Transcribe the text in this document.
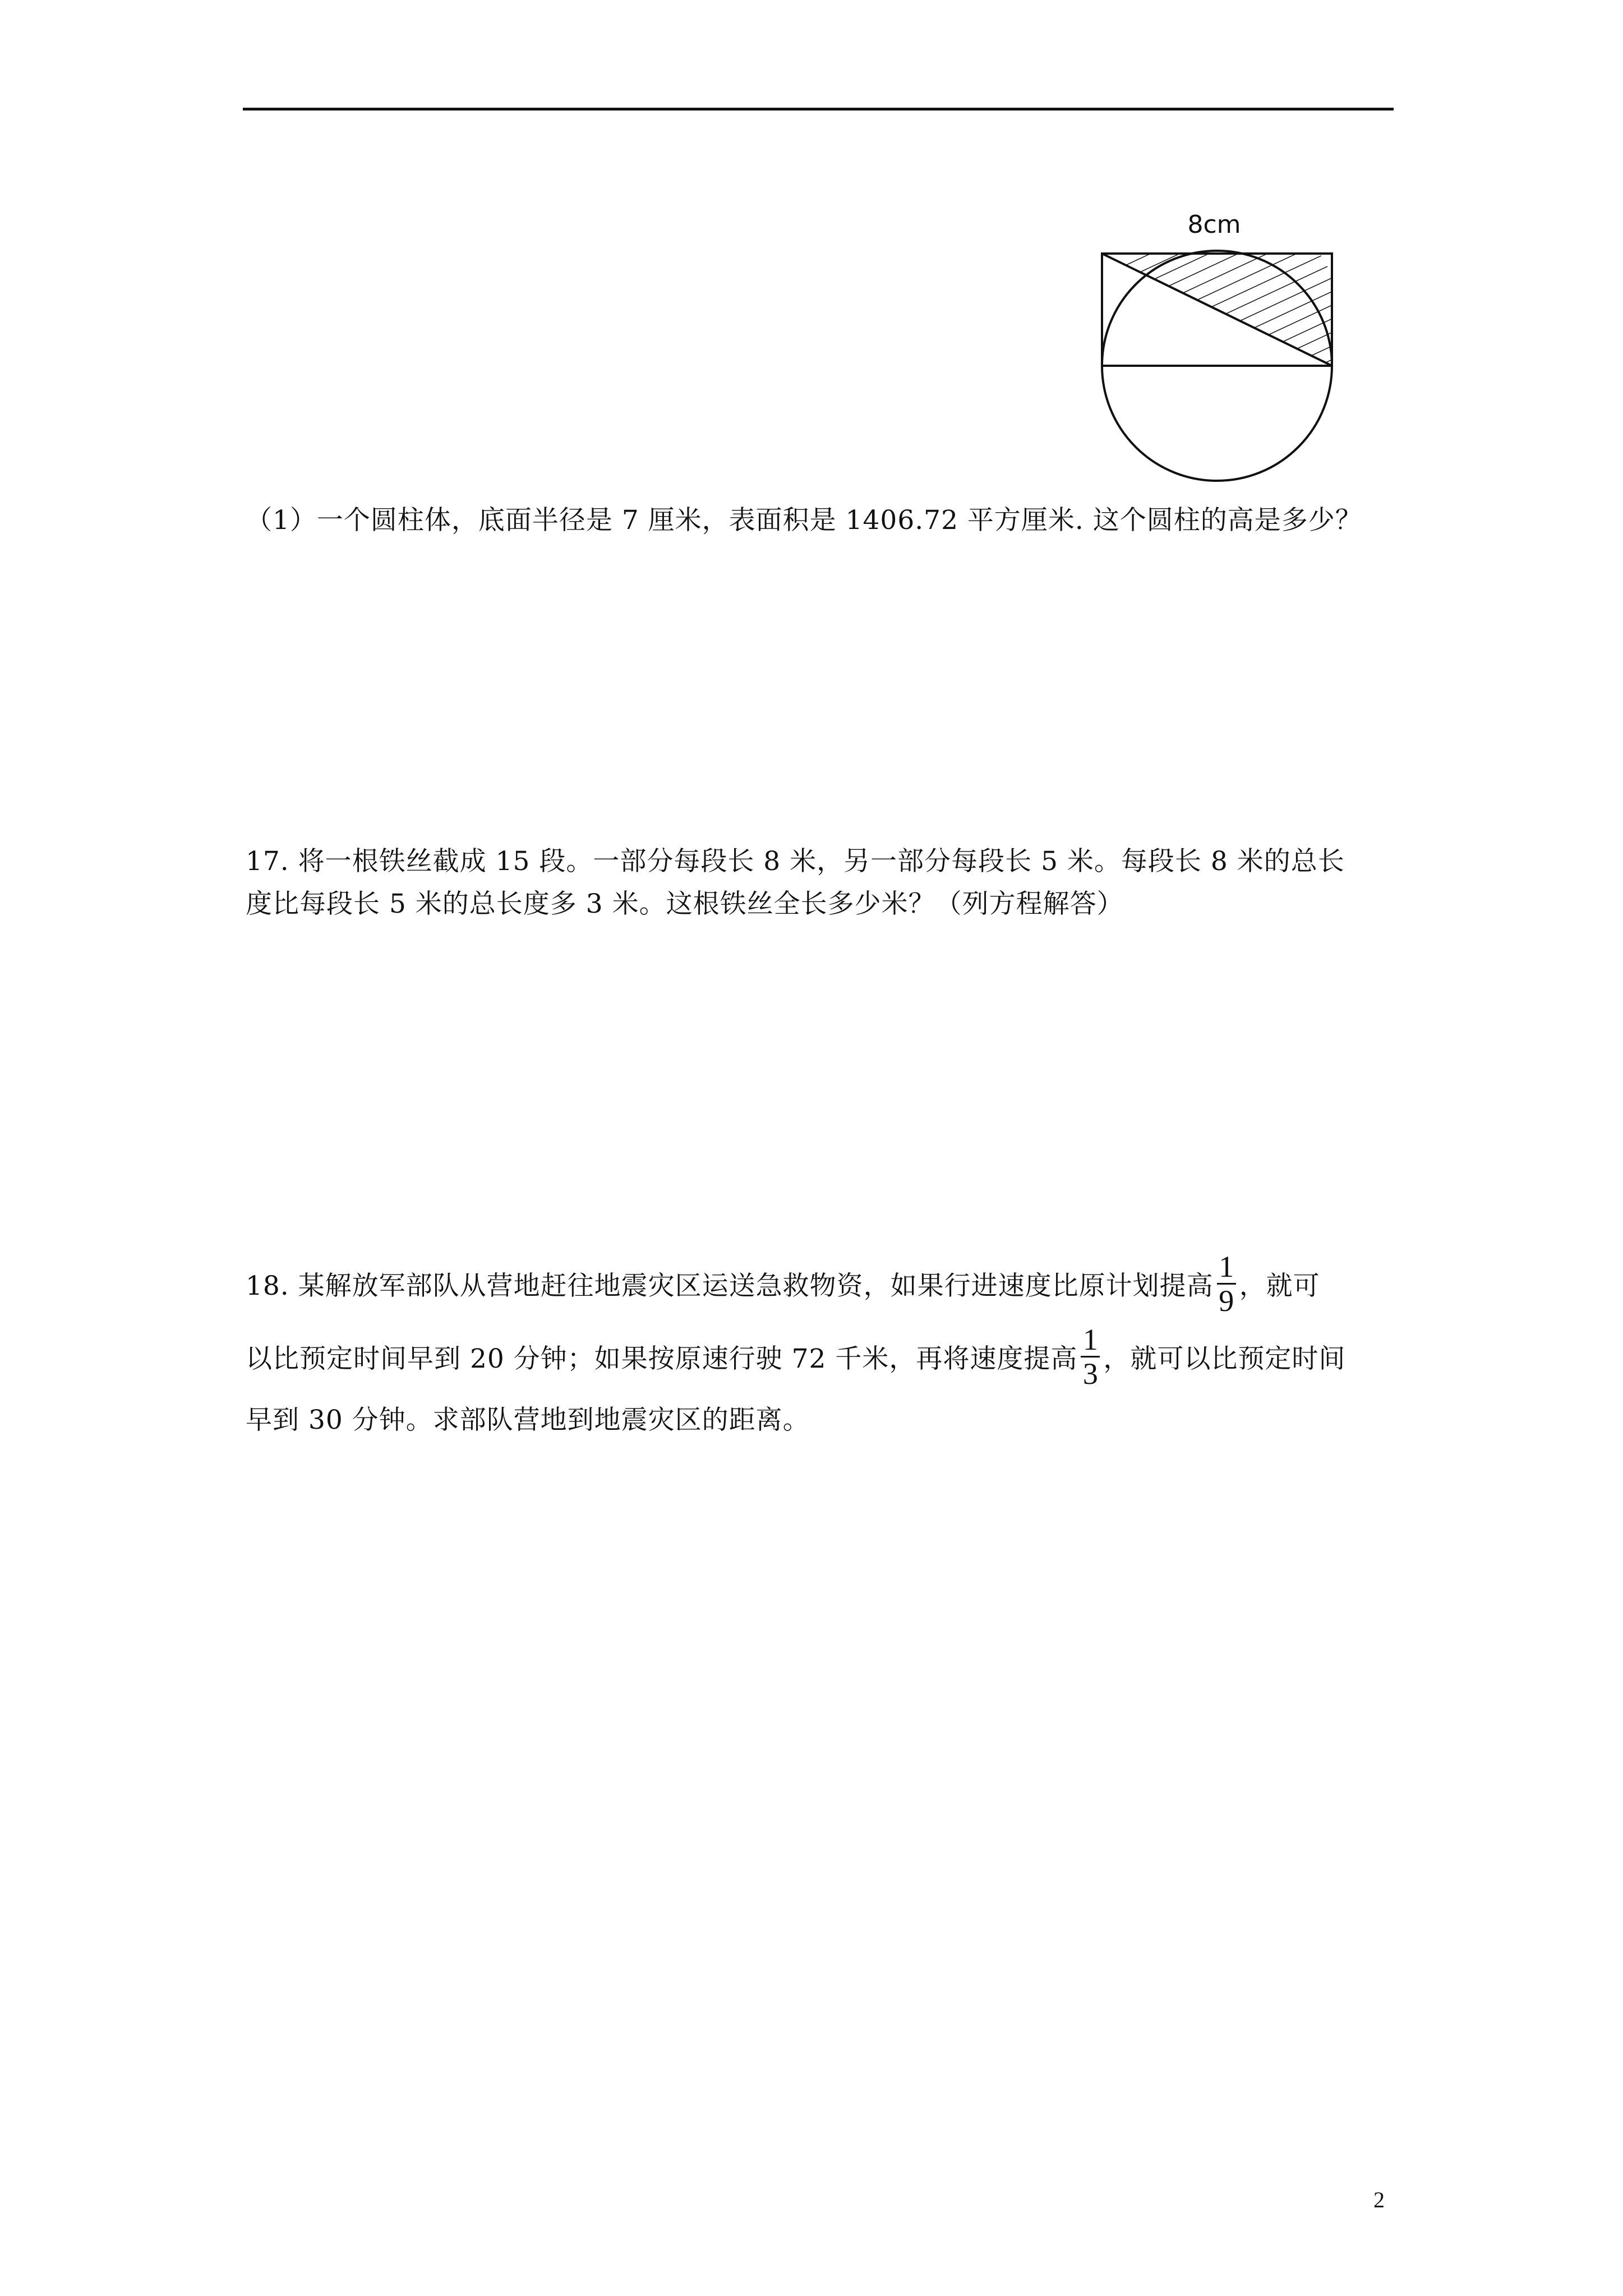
8cm
（1）一个圆柱体，底面半径是 7 厘米，表面积是 1406.72 平方厘米. 这个圆柱的高是多少？
17. 将一根铁丝截成 15 段。一部分每段长 8 米，另一部分每段长 5 米。每段长 8 米的总长
度比每段长 5 米的总长度多 3 米。这根铁丝全长多少米？（列方程解答）
18. 某解放军部队从营地赶往地震灾区运送急救物资，如果行进速度比原计划提高 $\frac{1}{9}$ ，就可
以比预定时间早到 20 分钟；如果按原速行驶 72 千米，再将速度提高 $\frac{1}{3}$ ，就可以比预定时间
早到 30 分钟。求部队营地到地震灾区的距离。
2
